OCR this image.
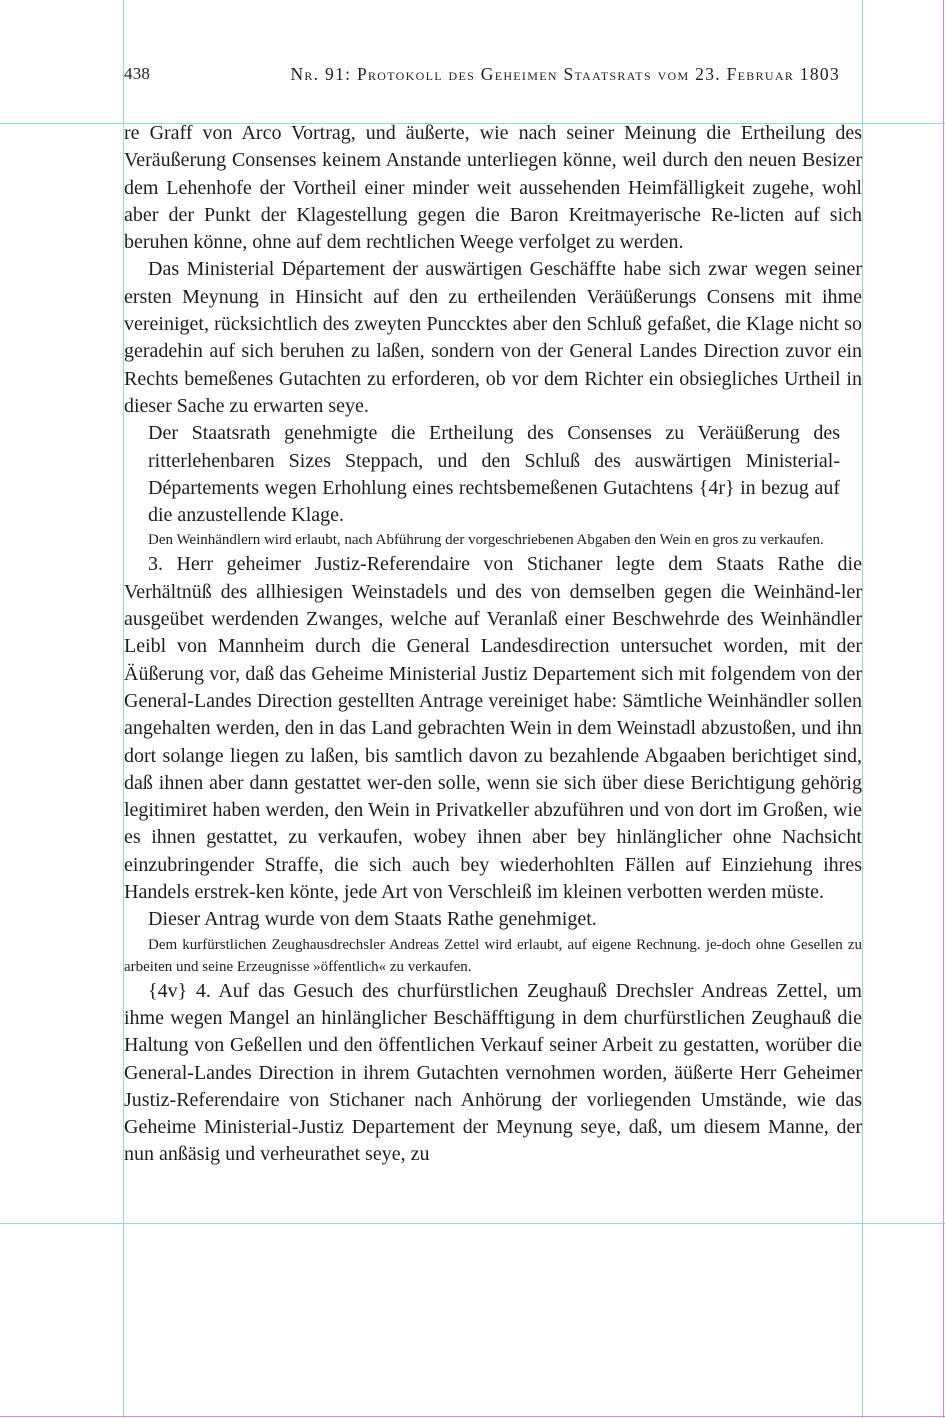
438	Nr. 91: Protokoll des Geheimen Staatsrats vom 23. Februar 1803

re Graff von Arco Vortrag, und äußerte, wie nach seiner Meinung die Ertheilung des Veräußerung Consenses keinem Anstande unterliegen könne, weil durch den neuen Besizer dem Lehenhofe der Vortheil einer minder weit aussehenden Heimfälligkeit zugehe, wohl aber der Punkt der Klagestellung gegen die Baron Kreitmayerische Re-licten auf sich beruhen könne, ohne auf dem rechtlichen Weege verfolget zu werden.

Das Ministerial Département der auswärtigen Geschäffte habe sich zwar wegen seiner ersten Meynung in Hinsicht auf den zu ertheilenden Veräüßerungs Consens mit ihme vereiniget, rücksichtlich des zweyten Punccktes aber den Schluß gefaßet, die Klage nicht so geradehin auf sich beruhen zu laßen, sondern von der General Landes Direction zuvor ein Rechts bemeßenes Gutachten zu erforderen, ob vor dem Richter ein obsiegliches Urtheil in dieser Sache zu erwarten seye.

Der Staatsrath genehmigte die Ertheilung des Consenses zu Veräüßerung des ritterlehenbaren Sizes Steppach, und den Schluß des auswärtigen Ministerial-Départements wegen Erhohlung eines rechtsbemeßenen Gutachtens {4r} in bezug auf die anzustellende Klage.

Den Weinhändlern wird erlaubt, nach Abführung der vorgeschriebenen Abgaben den Wein en gros zu verkaufen.

3. Herr geheimer Justiz-Referendaire von Stichaner legte dem Staats Rathe die Verhältnüß des allhiesigen Weinstadels und des von demselben gegen die Weinhänd-ler ausgeübet werdenden Zwanges, welche auf Veranlaß einer Beschwehrde des Weinhändler Leibl von Mannheim durch die General Landesdirection untersuchet worden, mit der Äüßerung vor, daß das Geheime Ministerial Justiz Departement sich mit folgendem von der General-Landes Direction gestellten Antrage vereiniget habe: Sämtliche Weinhändler sollen angehalten werden, den in das Land gebrachten Wein in dem Weinstadl abzustoßen, und ihn dort solange liegen zu laßen, bis samtlich davon zu bezahlende Abgaaben berichtiget sind, daß ihnen aber dann gestattet wer-den solle, wenn sie sich über diese Berichtigung gehörig legitimiret haben werden, den Wein in Privatkeller abzuführen und von dort im Großen, wie es ihnen gestattet, zu verkaufen, wobey ihnen aber bey hinlänglicher ohne Nachsicht einzubringender Straffe, die sich auch bey wiederhohlten Fällen auf Einziehung ihres Handels erstrek-ken könte, jede Art von Verschleiß im kleinen verbotten werden müste.

Dieser Antrag wurde von dem Staats Rathe genehmiget.

Dem kurfürstlichen Zeughausdrechsler Andreas Zettel wird erlaubt, auf eigene Rechnung. je-doch ohne Gesellen zu arbeiten und seine Erzeugnisse »öffentlich« zu verkaufen.

{4v} 4. Auf das Gesuch des churfürstlichen Zeughauß Drechsler Andreas Zettel, um ihme wegen Mangel an hinlänglicher Beschäfftigung in dem churfürstlichen Zeughauß die Haltung von Geßellen und den öffentlichen Verkauf seiner Arbeit zu gestatten, worüber die General-Landes Direction in ihrem Gutachten vernohmen worden, äüßerte Herr Geheimer Justiz-Referendaire von Stichaner nach Anhörung der vorliegenden Umstände, wie das Geheime Ministerial-Justiz Departement der Meynung seye, daß, um diesem Manne, der nun anßäsig und verheurathet seye, zu
